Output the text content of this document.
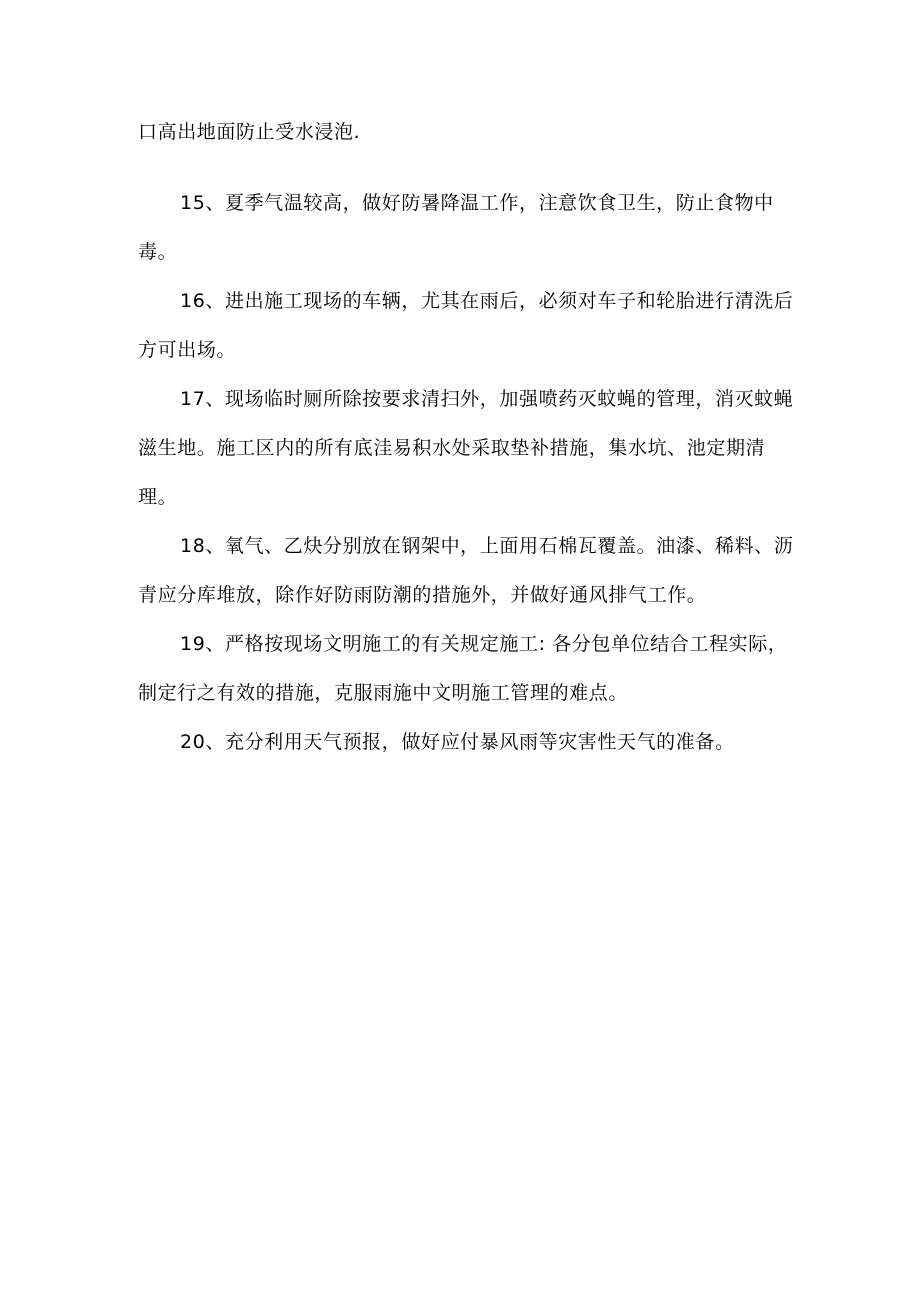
口高出地面防止受水浸泡.

15、夏季气温较高，做好防暑降温工作，注意饮食卫生，防止食物中毒。

16、进出施工现场的车辆，尤其在雨后，必须对车子和轮胎进行清洗后方可出场。

17、现场临时厕所除按要求清扫外，加强喷药灭蚊蝇的管理，消灭蚊蝇滋生地。施工区内的所有底洼易积水处采取垫补措施，集水坑、池定期清理。

18、氧气、乙炔分别放在钢架中，上面用石棉瓦覆盖。油漆、稀料、沥青应分库堆放，除作好防雨防潮的措施外，并做好通风排气工作。

19、严格按现场文明施工的有关规定施工: 各分包单位结合工程实际，制定行之有效的措施，克服雨施中文明施工管理的难点。

20、充分利用天气预报，做好应付暴风雨等灾害性天气的准备。
